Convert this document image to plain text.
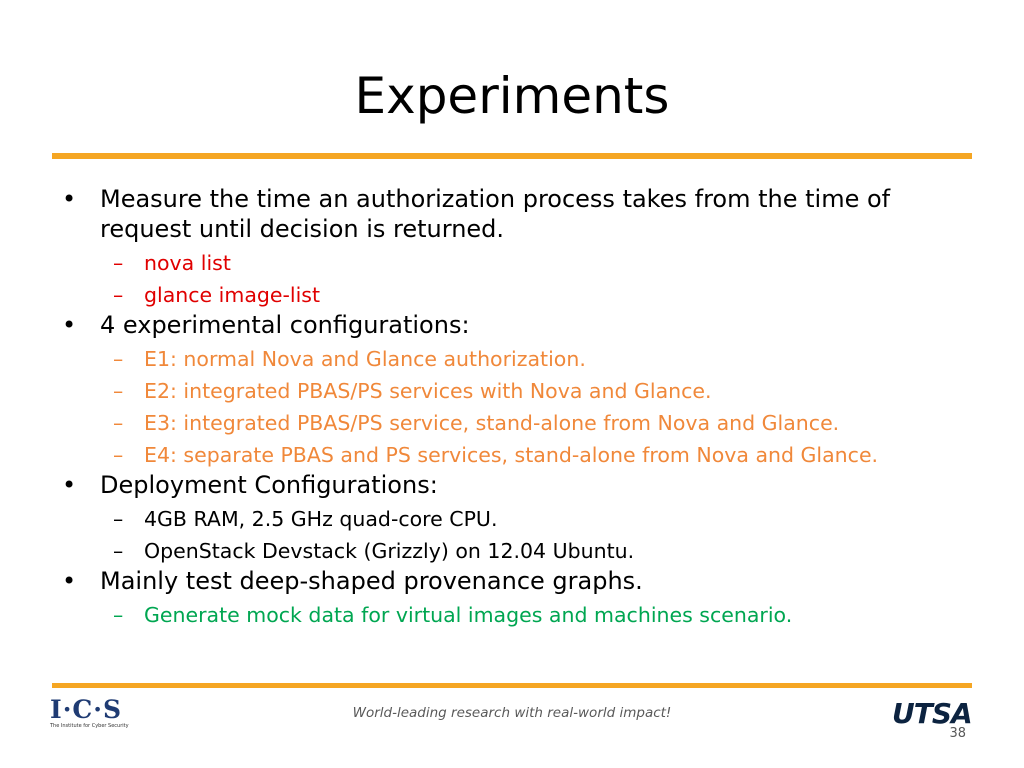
Experiments
• Measure the time an authorization process takes from the time of request until decision is returned.
– nova list
– glance image-list
• 4 experimental configurations:
– E1: normal Nova and Glance authorization.
– E2: integrated PBAS/PS services with Nova and Glance.
– E3: integrated PBAS/PS service, stand-alone from Nova and Glance.
– E4: separate PBAS and PS services, stand-alone from Nova and Glance.
• Deployment Configurations:
– 4GB RAM, 2.5 GHz quad-core CPU.
– OpenStack Devstack (Grizzly) on 12.04 Ubuntu.
• Mainly test deep-shaped provenance graphs.
– Generate mock data for virtual images and machines scenario.
I·C·S
The Institute for Cyber Security
World-leading research with real-world impact!	UTSA
38
